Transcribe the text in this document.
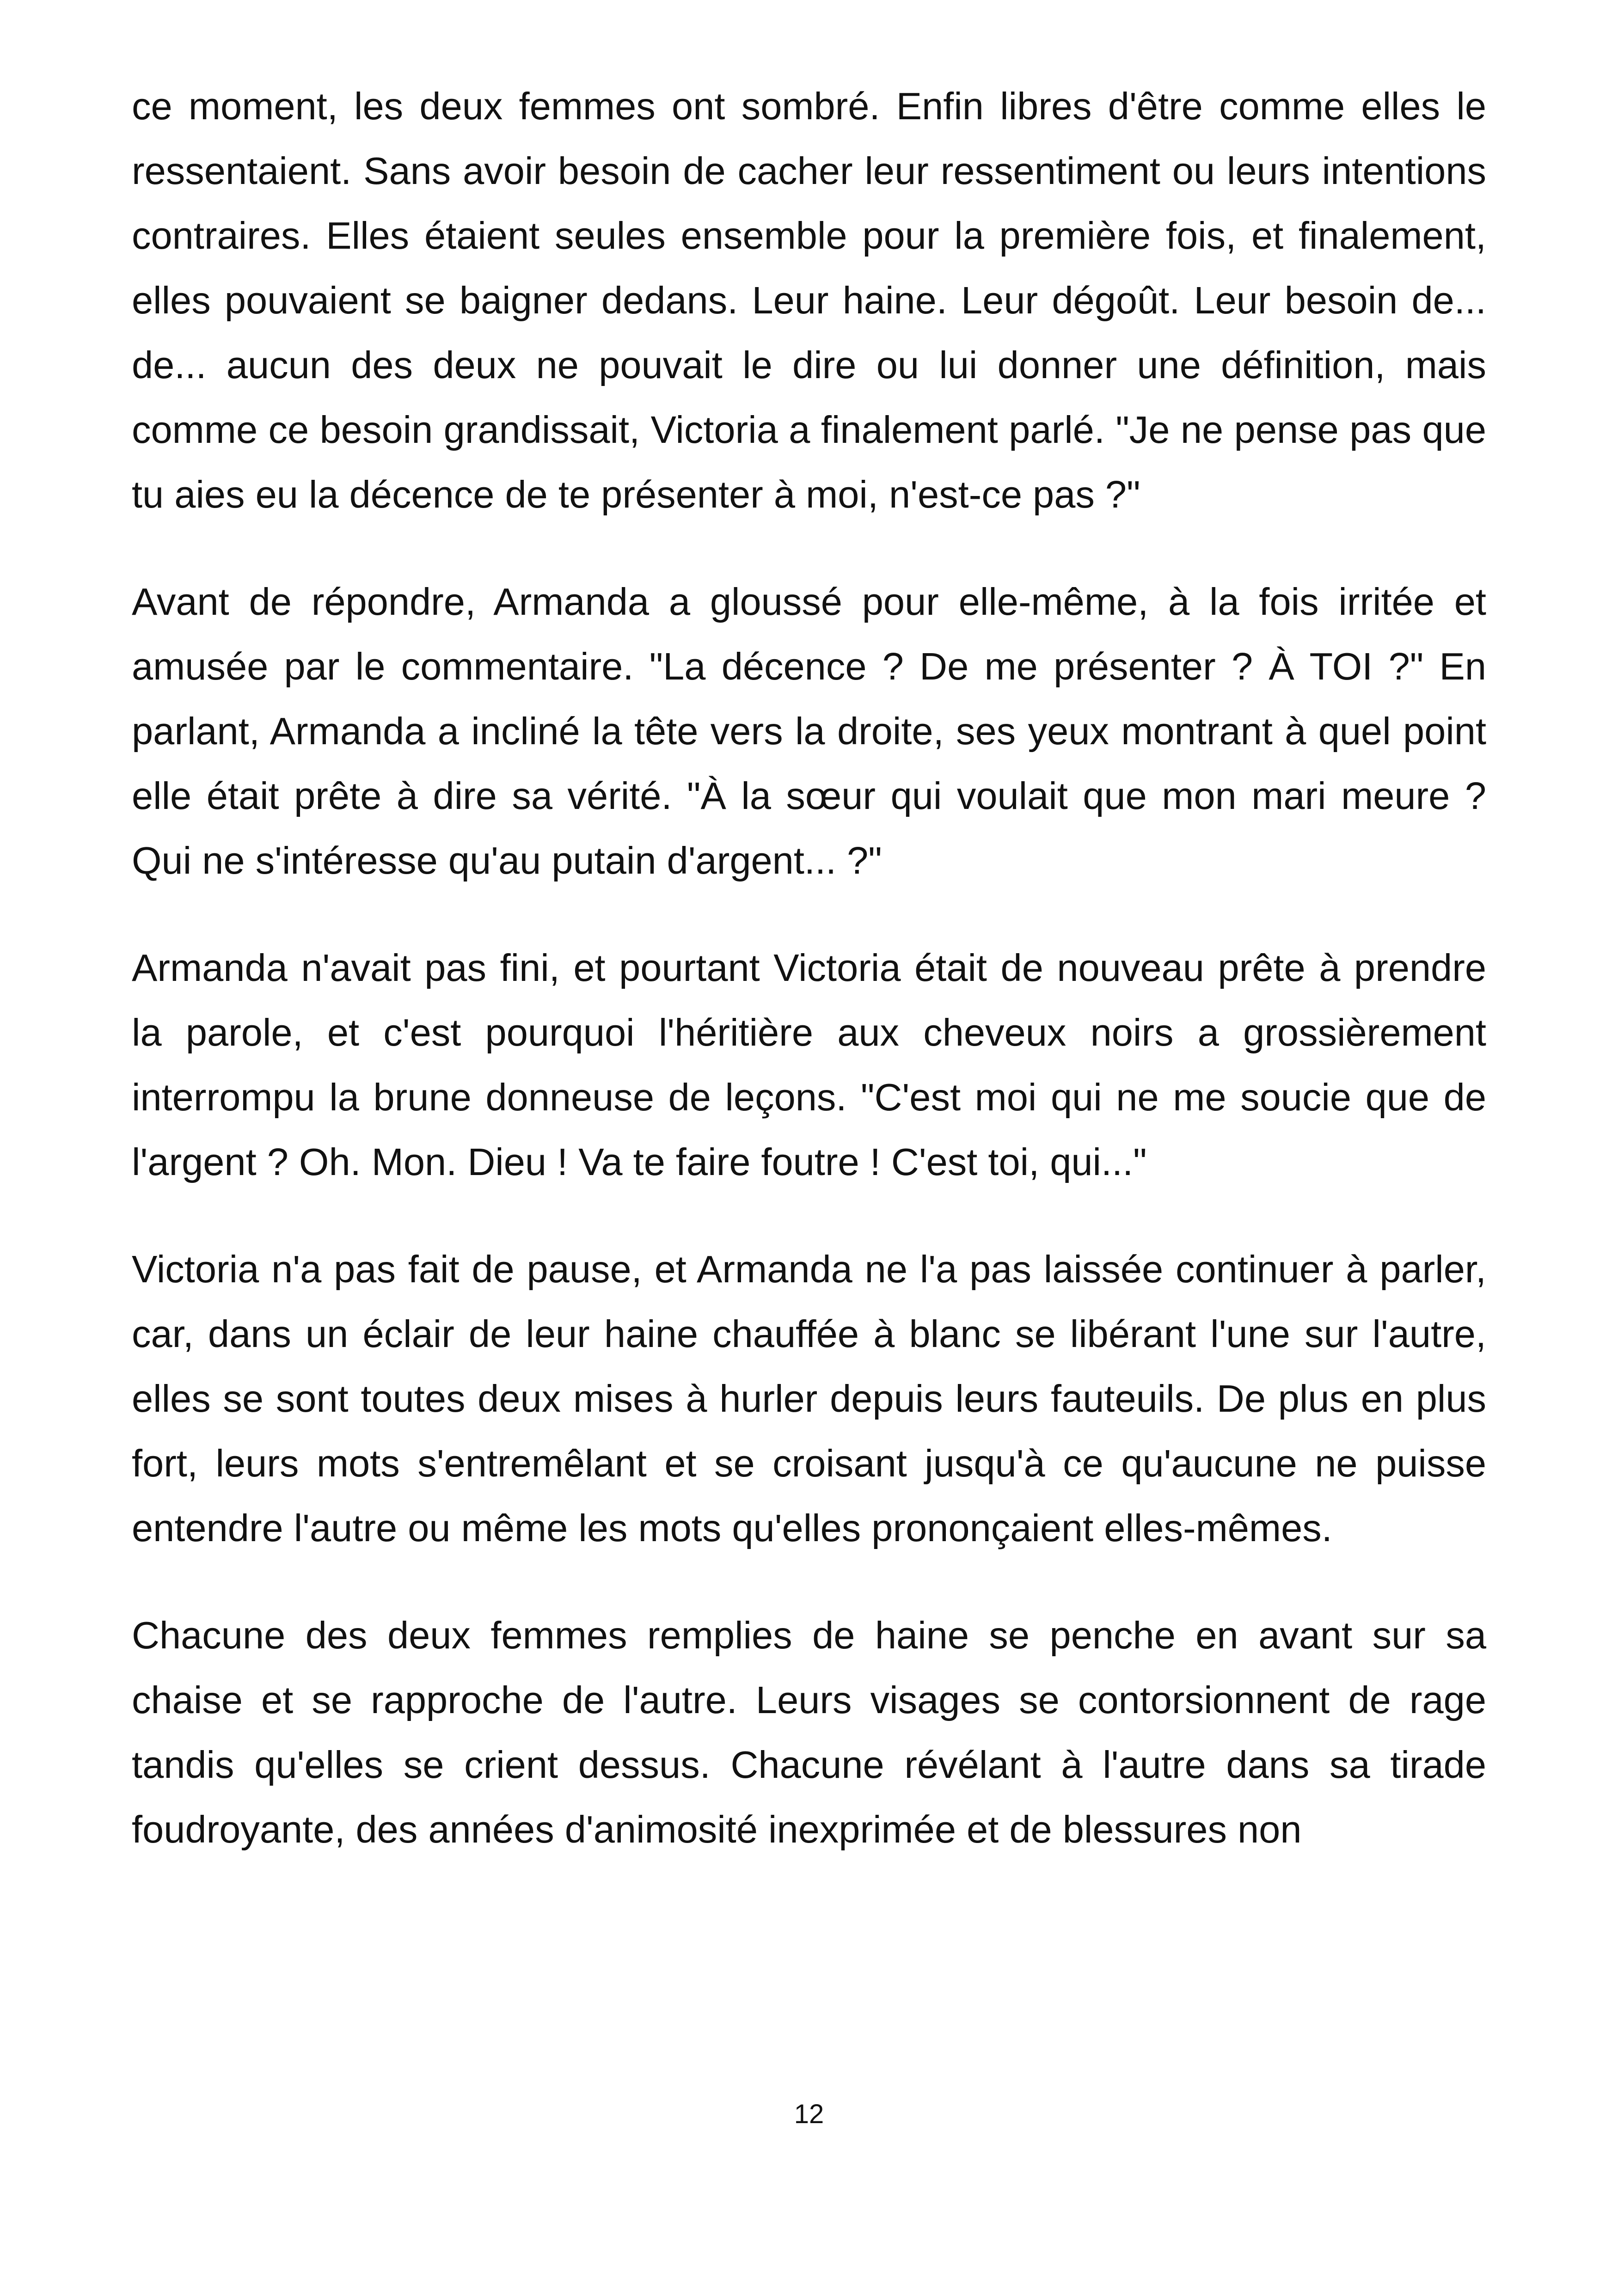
ce moment, les deux femmes ont sombré. Enfin libres d'être comme elles le ressentaient. Sans avoir besoin de cacher leur ressentiment ou leurs intentions contraires. Elles étaient seules ensemble pour la première fois, et finalement, elles pouvaient se baigner dedans. Leur haine. Leur dégoût. Leur besoin de... de... aucun des deux ne pouvait le dire ou lui donner une définition, mais comme ce besoin grandissait, Victoria a finalement parlé. "Je ne pense pas que tu aies eu la décence de te présenter à moi, n'est-ce pas ?"

Avant de répondre, Armanda a gloussé pour elle-même, à la fois irritée et amusée par le commentaire. "La décence ? De me présenter ? À TOI ?" En parlant, Armanda a incliné la tête vers la droite, ses yeux montrant à quel point elle était prête à dire sa vérité. "À la sœur qui voulait que mon mari meure ? Qui ne s'intéresse qu'au putain d'argent... ?"

Armanda n'avait pas fini, et pourtant Victoria était de nouveau prête à prendre la parole, et c'est pourquoi l'héritière aux cheveux noirs a grossièrement interrompu la brune donneuse de leçons. "C'est moi qui ne me soucie que de l'argent ? Oh. Mon. Dieu ! Va te faire foutre ! C'est toi, qui..."

Victoria n'a pas fait de pause, et Armanda ne l'a pas laissée continuer à parler, car, dans un éclair de leur haine chauffée à blanc se libérant l'une sur l'autre, elles se sont toutes deux mises à hurler depuis leurs fauteuils. De plus en plus fort, leurs mots s'entremêlant et se croisant jusqu'à ce qu'aucune ne puisse entendre l'autre ou même les mots qu'elles prononçaient elles-mêmes.

Chacune des deux femmes remplies de haine se penche en avant sur sa chaise et se rapproche de l'autre. Leurs visages se contorsionnent de rage tandis qu'elles se crient dessus. Chacune révélant à l'autre dans sa tirade foudroyante, des années d'animosité inexprimée et de blessures non

12
